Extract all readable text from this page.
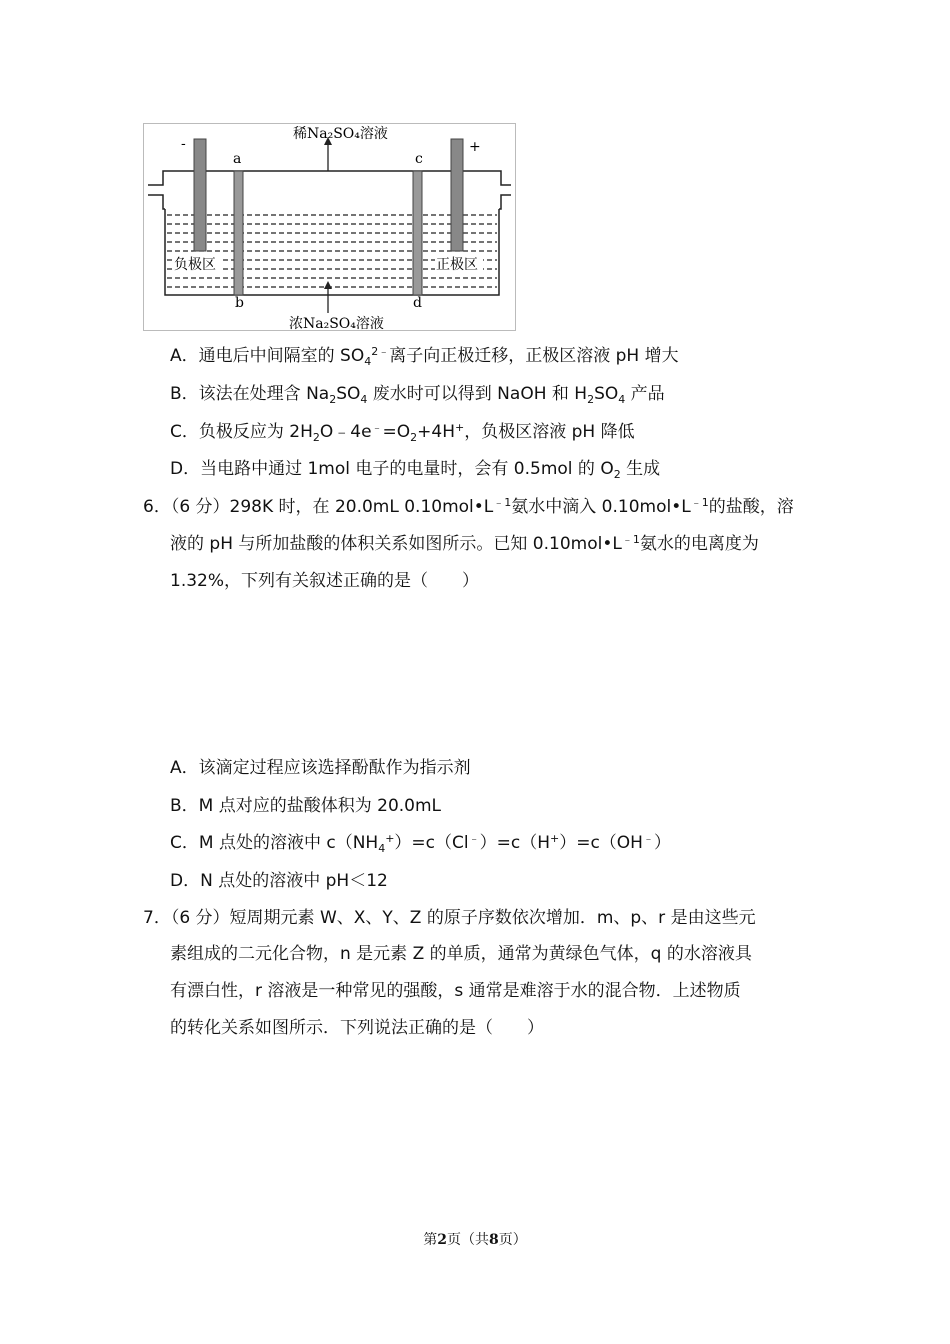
稀Na₂SO₄溶液
浓Na₂SO₄溶液
-	+
a	c
b	d
负极区	正极区
A．通电后中间隔室的 $SO_4^{2﹣}$离子向正极迁移，正极区溶液 pH 增大
B．该法在处理含 $Na_2SO_4$ 废水时可以得到 NaOH 和 $H_2SO_4$ 产品
C．负极反应为 $2H_2O﹣4e^﹣=O_2+4H^+$，负极区溶液 pH 降低
D．当电路中通过 1mol 电子的电量时，会有 0.5mol 的 $O_2$ 生成
6．（6 分）298K 时，在 20.0mL $0.10mol•L^{﹣1}$氨水中滴入 $0.10mol•L^{﹣1}$的盐酸，溶
液的 pH 与所加盐酸的体积关系如图所示。已知 $0.10mol•L^{﹣1}$氨水的电离度为
1.32%，下列有关叙述正确的是（　　）
A．该滴定过程应该选择酚酞作为指示剂
B．M 点对应的盐酸体积为 20.0mL
C．M 点处的溶液中 $c(NH_4^+)=c(Cl^﹣)=c(H^+)=c(OH^﹣)$
D．N 点处的溶液中 pH＜12
7．（6 分）短周期元素 W、X、Y、Z 的原子序数依次增加．m、p、r 是由这些元
素组成的二元化合物，n 是元素 Z 的单质，通常为黄绿色气体，q 的水溶液具
有漂白性，r 溶液是一种常见的强酸，s 通常是难溶于水的混合物．上述物质
的转化关系如图所示．下列说法正确的是（　　）
第2页（共8页）
